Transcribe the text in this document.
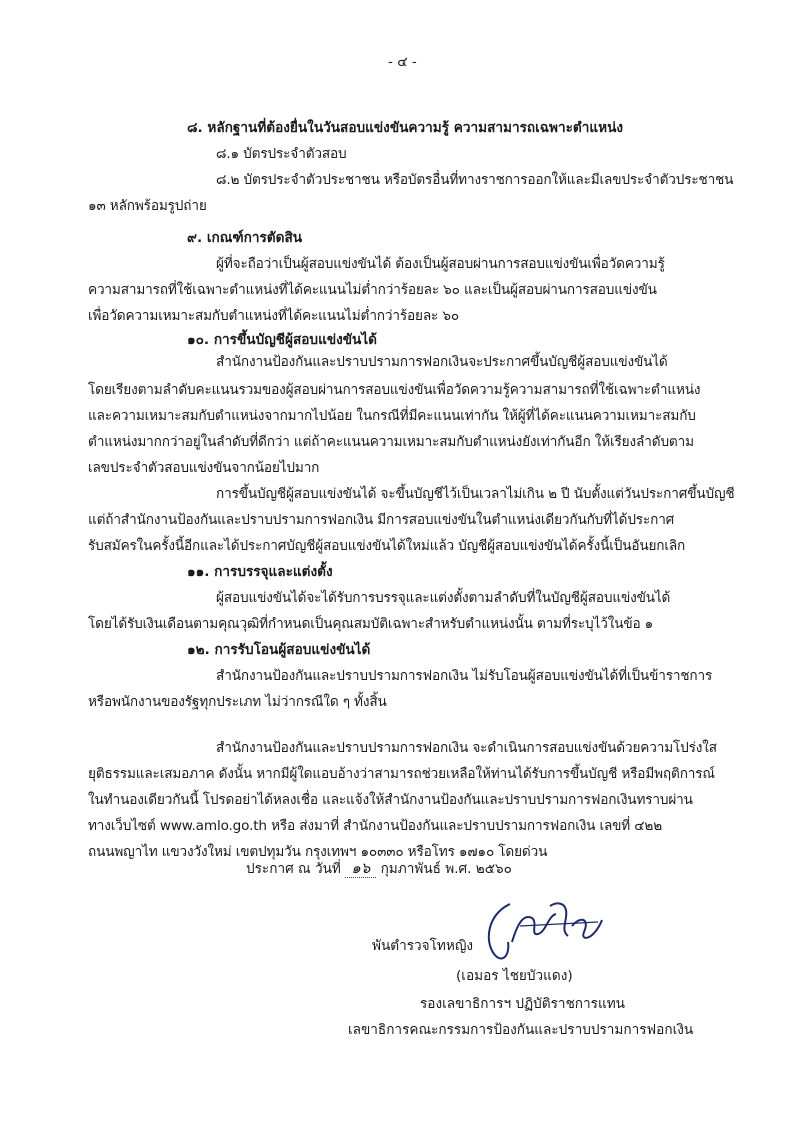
- ๔ -
๘. หลักฐานที่ต้องยื่นในวันสอบแข่งขันความรู้ ความสามารถเฉพาะตำแหน่ง
๘.๑ บัตรประจำตัวสอบ
๘.๒ บัตรประจำตัวประชาชน หรือบัตรอื่นที่ทางราชการออกให้และมีเลขประจำตัวประชาชน
๑๓ หลักพร้อมรูปถ่าย
๙. เกณฑ์การตัดสิน
ผู้ที่จะถือว่าเป็นผู้สอบแข่งขันได้ ต้องเป็นผู้สอบผ่านการสอบแข่งขันเพื่อวัดความรู้
ความสามารถที่ใช้เฉพาะตำแหน่งที่ได้คะแนนไม่ต่ำกว่าร้อยละ ๖๐ และเป็นผู้สอบผ่านการสอบแข่งขัน
เพื่อวัดความเหมาะสมกับตำแหน่งที่ได้คะแนนไม่ต่ำกว่าร้อยละ ๖๐
๑๐. การขึ้นบัญชีผู้สอบแข่งขันได้
สำนักงานป้องกันและปราบปรามการฟอกเงินจะประกาศขึ้นบัญชีผู้สอบแข่งขันได้
โดยเรียงตามลำดับคะแนนรวมของผู้สอบผ่านการสอบแข่งขันเพื่อวัดความรู้ความสามารถที่ใช้เฉพาะตำแหน่ง
และความเหมาะสมกับตำแหน่งจากมากไปน้อย ในกรณีที่มีคะแนนเท่ากัน ให้ผู้ที่ได้คะแนนความเหมาะสมกับ
ตำแหน่งมากกว่าอยู่ในลำดับที่ดีกว่า แต่ถ้าคะแนนความเหมาะสมกับตำแหน่งยังเท่ากันอีก ให้เรียงลำดับตาม
เลขประจำตัวสอบแข่งขันจากน้อยไปมาก
การขึ้นบัญชีผู้สอบแข่งขันได้ จะขึ้นบัญชีไว้เป็นเวลาไม่เกิน ๒ ปี นับตั้งแต่วันประกาศขึ้นบัญชี
แต่ถ้าสำนักงานป้องกันและปราบปรามการฟอกเงิน มีการสอบแข่งขันในตำแหน่งเดียวกันกับที่ได้ประกาศ
รับสมัครในครั้งนี้อีกและได้ประกาศบัญชีผู้สอบแข่งขันได้ใหม่แล้ว บัญชีผู้สอบแข่งขันได้ครั้งนี้เป็นอันยกเลิก
๑๑. การบรรจุและแต่งตั้ง
ผู้สอบแข่งขันได้จะได้รับการบรรจุและแต่งตั้งตามลำดับที่ในบัญชีผู้สอบแข่งขันได้
โดยได้รับเงินเดือนตามคุณวุฒิที่กำหนดเป็นคุณสมบัติเฉพาะสำหรับตำแหน่งนั้น ตามที่ระบุไว้ในข้อ ๑
๑๒. การรับโอนผู้สอบแข่งขันได้
สำนักงานป้องกันและปราบปรามการฟอกเงิน ไม่รับโอนผู้สอบแข่งขันได้ที่เป็นข้าราชการ
หรือพนักงานของรัฐทุกประเภท ไม่ว่ากรณีใด ๆ ทั้งสิ้น
สำนักงานป้องกันและปราบปรามการฟอกเงิน จะดำเนินการสอบแข่งขันด้วยความโปร่งใส
ยุติธรรมและเสมอภาค ดังนั้น หากมีผู้ใดแอบอ้างว่าสามารถช่วยเหลือให้ท่านได้รับการขึ้นบัญชี หรือมีพฤติการณ์
ในทำนองเดียวกันนี้ โปรดอย่าได้หลงเชื่อ และแจ้งให้สำนักงานป้องกันและปราบปรามการฟอกเงินทราบผ่าน
ทางเว็บไซต์ www.amlo.go.th หรือ ส่งมาที่ สำนักงานป้องกันและปราบปรามการฟอกเงิน เลขที่ ๔๒๒
ถนนพญาไท แขวงวังใหม่ เขตปทุมวัน กรุงเทพฯ ๑๐๓๓๐ หรือโทร ๑๗๑๐ โดยด่วน
ประกาศ ณ วันที่ ๑๖ กุมภาพันธ์ พ.ศ. ๒๕๖๐
พันตำรวจโทหญิง
(เอมอร ไชยบัวแดง)
รองเลขาธิการฯ ปฏิบัติราชการแทน
เลขาธิการคณะกรรมการป้องกันและปราบปรามการฟอกเงิน
